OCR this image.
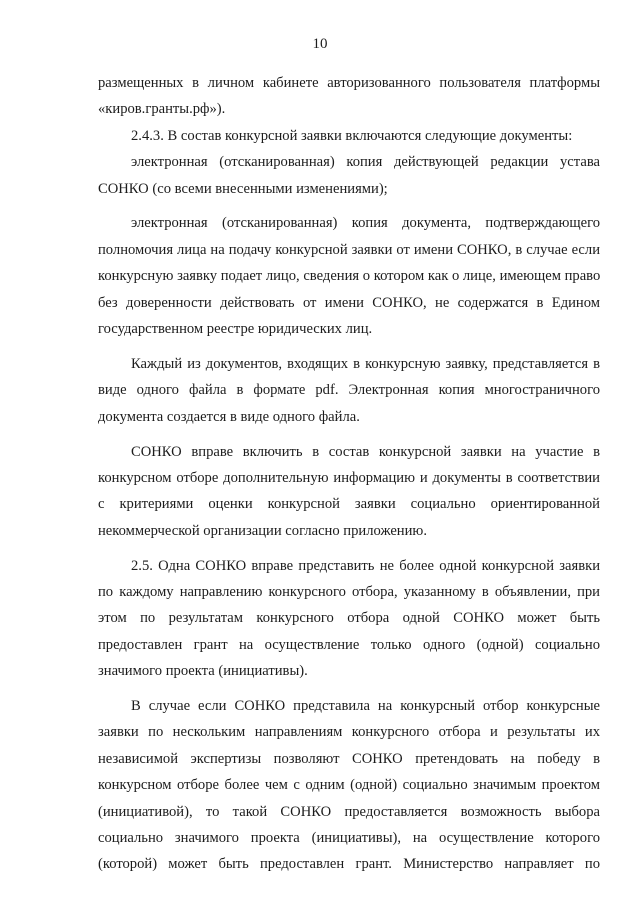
10
размещенных в личном кабинете авторизованного пользователя платформы
«киров.гранты.рф»).
2.4.3. В состав конкурсной заявки включаются следующие документы:
электронная (отсканированная) копия действующей редакции устава
СОНКО (со всеми внесенными изменениями);
электронная (отсканированная) копия документа, подтверждающего
полномочия лица на подачу конкурсной заявки от имени СОНКО, в случае если
конкурсную заявку подает лицо, сведения о котором как о лице, имеющем право
без доверенности действовать от имени СОНКО, не содержатся в Едином
государственном реестре юридических лиц.
Каждый из документов, входящих в конкурсную заявку, представляется в
виде одного файла в формате pdf. Электронная копия многостраничного
документа создается в виде одного файла.
СОНКО вправе включить в состав конкурсной заявки на участие в
конкурсном отборе дополнительную информацию и документы в соответствии
с критериями оценки конкурсной заявки социально ориентированной
некоммерческой организации согласно приложению.
2.5. Одна СОНКО вправе представить не более одной конкурсной заявки
по каждому направлению конкурсного отбора, указанному в объявлении, при
этом по результатам конкурсного отбора одной СОНКО может быть
предоставлен грант на осуществление только одного (одной) социально
значимого проекта (инициативы).
В случае если СОНКО представила на конкурсный отбор конкурсные
заявки по нескольким направлениям конкурсного отбора и результаты их
независимой экспертизы позволяют СОНКО претендовать на победу в
конкурсном отборе более чем с одним (одной) социально значимым проектом
(инициативой), то такой СОНКО предоставляется возможность выбора
социально значимого проекта (инициативы), на осуществление которого
(которой) может быть предоставлен грант. Министерство направляет по
